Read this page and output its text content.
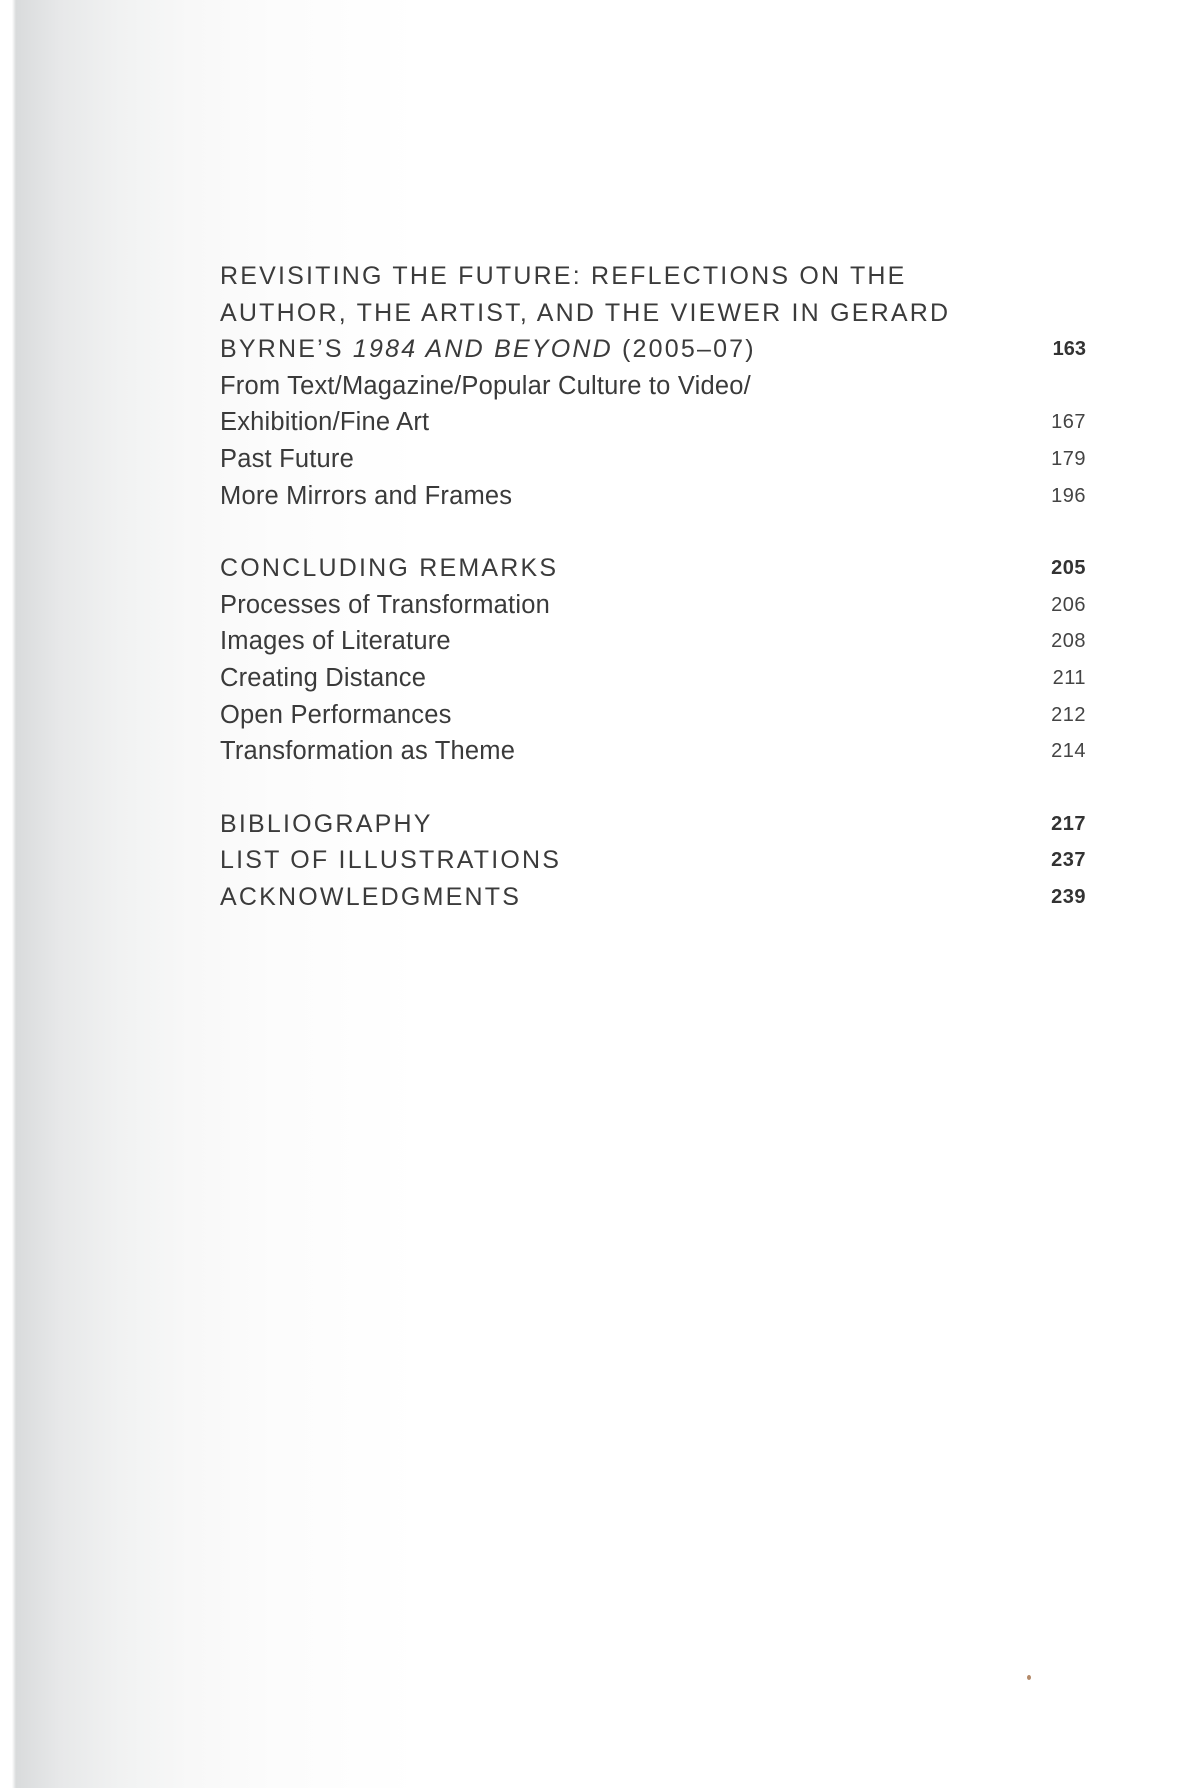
REVISITING THE FUTURE: REFLECTIONS ON THE
AUTHOR, THE ARTIST, AND THE VIEWER IN GERARD
BYRNE’S 1984 AND BEYOND (2005–07)	163
From Text/Magazine/Popular Culture to Video/
Exhibition/Fine Art	167
Past Future	179
More Mirrors and Frames	196
CONCLUDING REMARKS	205
Processes of Transformation	206
Images of Literature	208
Creating Distance	211
Open Performances	212
Transformation as Theme	214
BIBLIOGRAPHY	217
LIST OF ILLUSTRATIONS	237
ACKNOWLEDGMENTS	239
